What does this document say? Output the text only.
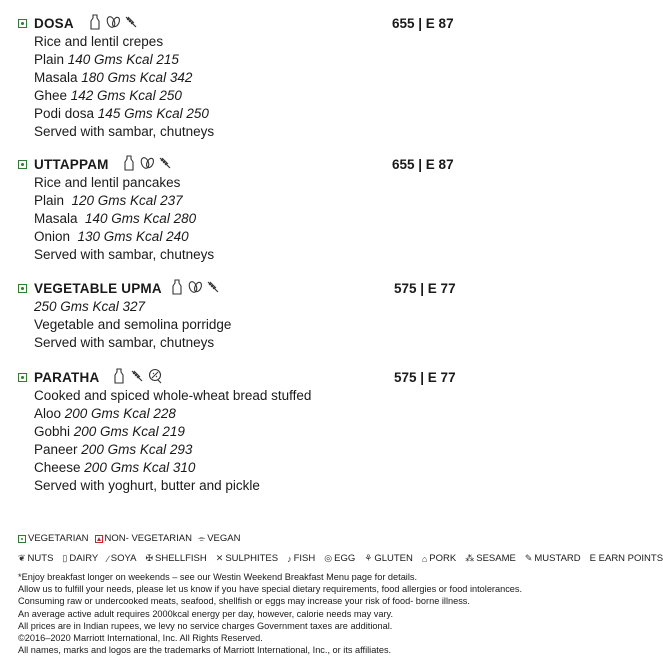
DOSA	655 | E 87
Rice and lentil crepes
Plain 140 Gms Kcal 215
Masala 180 Gms Kcal 342
Ghee 142 Gms Kcal 250
Podi dosa 145 Gms Kcal 250
Served with sambar, chutneys
UTTAPPAM	655 | E 87
Rice and lentil pancakes
Plain  120 Gms Kcal 237
Masala  140 Gms Kcal 280
Onion  130 Gms Kcal 240
Served with sambar, chutneys
VEGETABLE UPMA	575 | E 77
250 Gms Kcal 327
Vegetable and semolina porridge
Served with sambar, chutneys
PARATHA	575 | E 77
Cooked and spiced whole-wheat bread stuffed
Aloo 200 Gms Kcal 228
Gobhi 200 Gms Kcal 219
Paneer 200 Gms Kcal 293
Cheese 200 Gms Kcal 310
Served with yoghurt, butter and pickle
VEGETARIAN NON- VEGETARIAN ⌯ VEGAN
❦ NUTS ▯ DAIRY ∕ SOYA ✠ SHELLFISH ✕ SULPHITES ♪ FISH ◎ EGG ⚘ GLUTEN ⌂ PORK ⁂ SESAME ✎ MUSTARD E EARN POINTS
*Enjoy breakfast longer on weekends – see our Westin Weekend Breakfast Menu page for details.
Allow us to fulfill your needs, please let us know if you have special dietary requirements, food allergies or food intolerances.
Consuming raw or undercooked meats, seafood, shellfish or eggs may increase your risk of food- borne illness.
An average active adult requires 2000kcal energy per day, however, calorie needs may vary.
All prices are in Indian rupees, we levy no service charges Government taxes are additional.
©2016–2020 Marriott International, Inc. All Rights Reserved.
All names, marks and logos are the trademarks of Marriott International, Inc., or its affiliates.
